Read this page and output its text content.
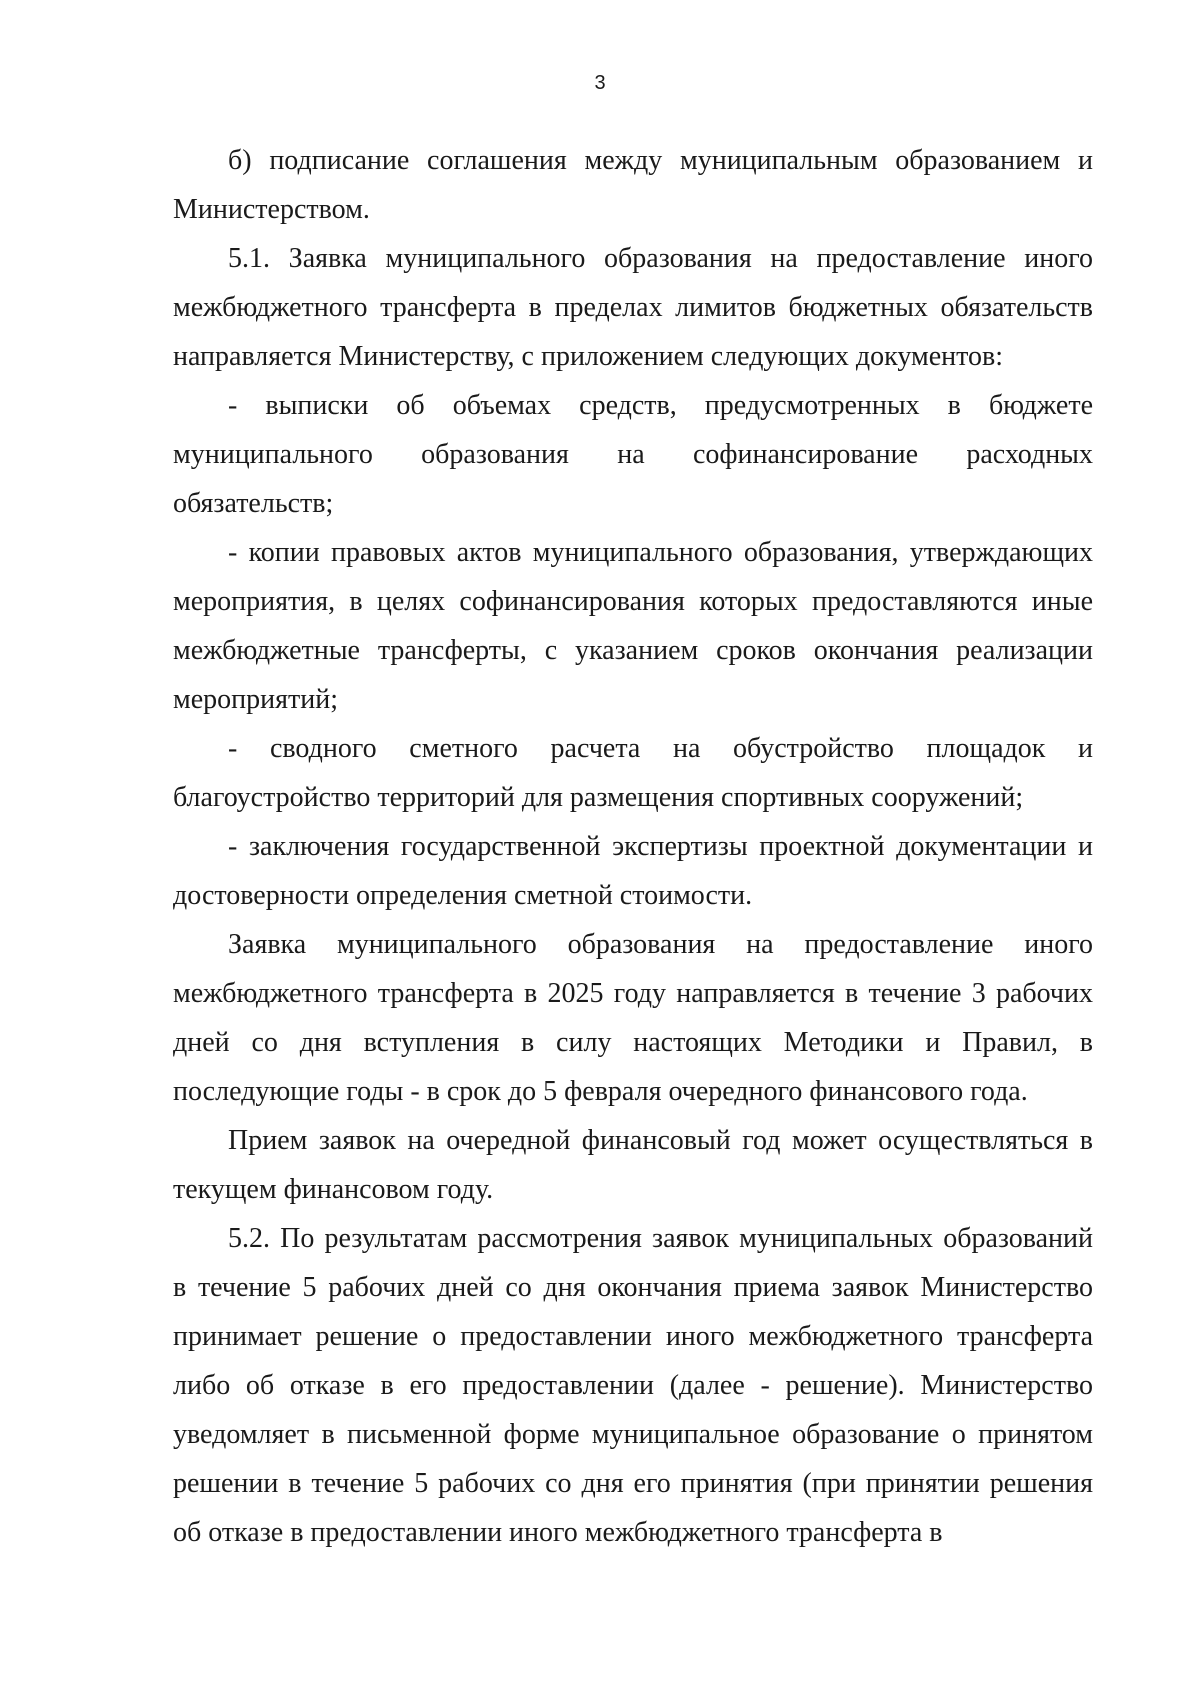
3

б) подписание соглашения между муниципальным образованием и Министерством.

5.1. Заявка муниципального образования на предоставление иного межбюджетного трансферта в пределах лимитов бюджетных обязательств направляется Министерству, с приложением следующих документов:

- выписки об объемах средств, предусмотренных в бюджете муниципального образования на софинансирование расходных обязательств;

- копии правовых актов муниципального образования, утверждающих мероприятия, в целях софинансирования которых предоставляются иные межбюджетные трансферты, с указанием сроков окончания реализации мероприятий;

- сводного сметного расчета на обустройство площадок и благоустройство территорий для размещения спортивных сооружений;

- заключения государственной экспертизы проектной документации и достоверности определения сметной стоимости.

Заявка муниципального образования на предоставление иного межбюджетного трансферта в 2025 году направляется в течение 3 рабочих дней со дня вступления в силу настоящих Методики и Правил, в последующие годы - в срок до 5 февраля очередного финансового года.

Прием заявок на очередной финансовый год может осуществляться в текущем финансовом году.

5.2. По результатам рассмотрения заявок муниципальных образований в течение 5 рабочих дней со дня окончания приема заявок Министерство принимает решение о предоставлении иного межбюджетного трансферта либо об отказе в его предоставлении (далее - решение). Министерство уведомляет в письменной форме муниципальное образование о принятом решении в течение 5 рабочих со дня его принятия (при принятии решения об отказе в предоставлении иного межбюджетного трансферта в
